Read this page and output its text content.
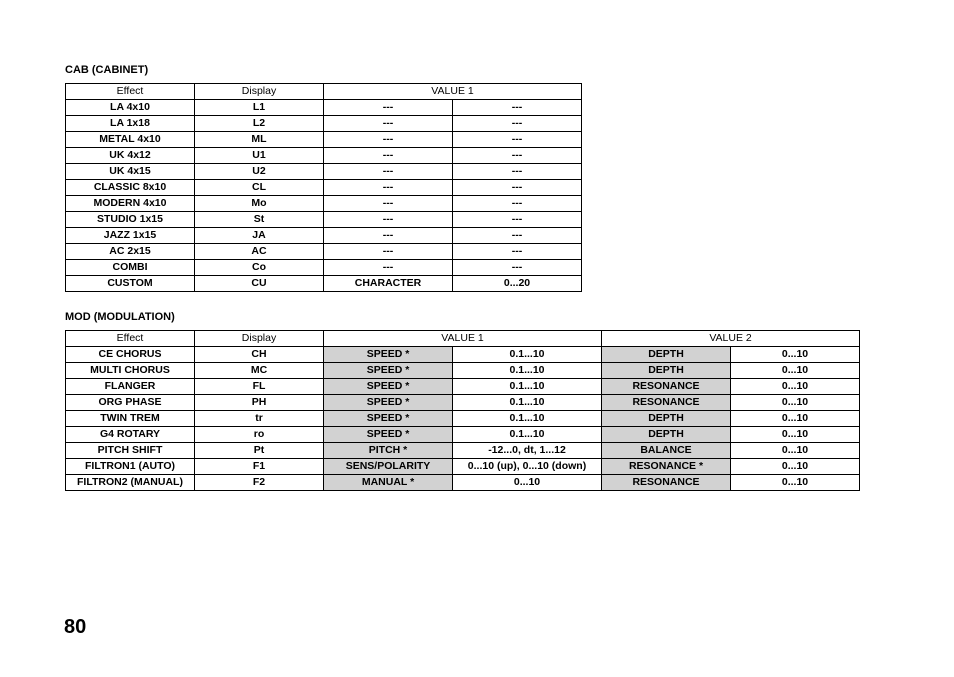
CAB (CABINET)
Effect	Display	VALUE 1	
LA 4x10	L1	---	---
LA 1x18	L2	---	---
METAL 4x10	ML	---	---
UK 4x12	U1	---	---
UK 4x15	U2	---	---
CLASSIC 8x10	CL	---	---
MODERN 4x10	Mo	---	---
STUDIO 1x15	St	---	---
JAZZ 1x15	JA	---	---
AC 2x15	AC	---	---
COMBI	Co	---	---
CUSTOM	CU	CHARACTER	0...20
MOD (MODULATION)
Effect	Display	VALUE 1		VALUE 2	
CE CHORUS	CH	SPEED *	0.1...10	DEPTH	0...10
MULTI CHORUS	MC	SPEED *	0.1...10	DEPTH	0...10
FLANGER	FL	SPEED *	0.1...10	RESONANCE	0...10
ORG PHASE	PH	SPEED *	0.1...10	RESONANCE	0...10
TWIN TREM	tr	SPEED *	0.1...10	DEPTH	0...10
G4 ROTARY	ro	SPEED *	0.1...10	DEPTH	0...10
PITCH SHIFT	Pt	PITCH *	-12...0, dt, 1...12	BALANCE	0...10
FILTRON1 (AUTO)	F1	SENS/POLARITY	0...10 (up), 0...10 (down)	RESONANCE *	0...10
FILTRON2 (MANUAL)	F2	MANUAL *	0...10	RESONANCE	0...10
80
